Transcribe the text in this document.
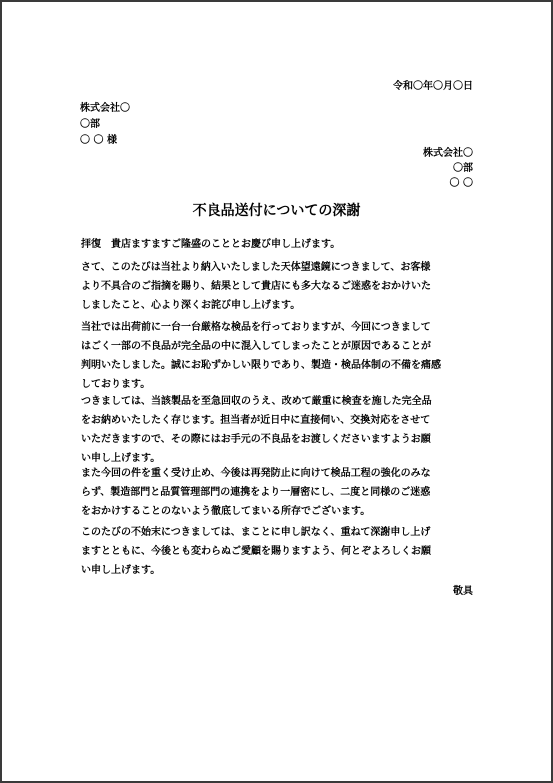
令和〇年〇月〇日
株式会社〇
〇部
〇 〇 様
株式会社〇
〇部
〇 〇
不良品送付についての深謝
拝復　貴店ますますご隆盛のこととお慶び申し上げます。
さて、このたびは当社より納入いたしました天体望遠鏡につきまして、お客様
より不具合のご指摘を賜り、結果として貴店にも多大なるご迷惑をおかけいた
しましたこと、心より深くお詫び申し上げます。
当社では出荷前に一台一台厳格な検品を行っておりますが、今回につきまして
はごく一部の不良品が完全品の中に混入してしまったことが原因であることが
判明いたしました。誠にお恥ずかしい限りであり、製造・検品体制の不備を痛感
しております。
つきましては、当該製品を至急回収のうえ、改めて厳重に検査を施した完全品
をお納めいたしたく存じます。担当者が近日中に直接伺い、交換対応をさせて
いただきますので、その際にはお手元の不良品をお渡しくださいますようお願
い申し上げます。
また今回の件を重く受け止め、今後は再発防止に向けて検品工程の強化のみな
らず、製造部門と品質管理部門の連携をより一層密にし、二度と同様のご迷惑
をおかけすることのないよう徹底してまいる所存でございます。
このたびの不始末につきましては、まことに申し訳なく、重ねて深謝申し上げ
ますとともに、今後とも変わらぬご愛顧を賜りますよう、何とぞよろしくお願
い申し上げます。
敬具
